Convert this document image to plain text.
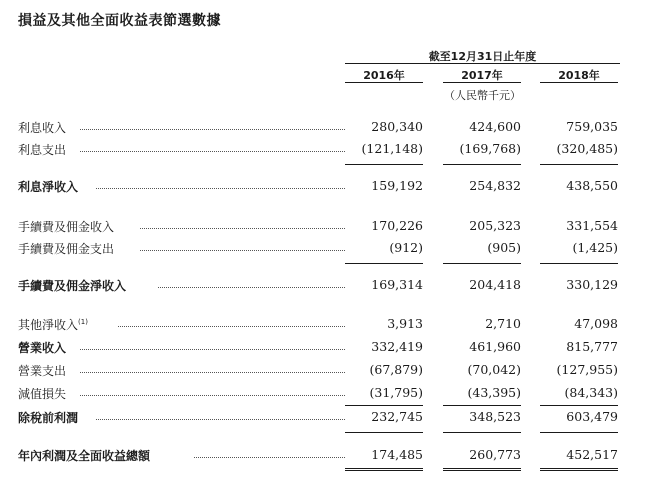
損益及其他全面收益表節選數據
截至12月31日止年度
2016年	2017年	2018年
（人民幣千元）
利息收入	280,340	424,600	759,035
利息支出	(121,148)	(169,768)	(320,485)
利息淨收入	159,192	254,832	438,550
手續費及佣金收入	170,226	205,323	331,554
手續費及佣金支出	(912)	(905)	(1,425)
手續費及佣金淨收入	169,314	204,418	330,129
其他淨收入$^{(1)}$	3,913	2,710	47,098
營業收入	332,419	461,960	815,777
營業支出	(67,879)	(70,042)	(127,955)
減值損失	(31,795)	(43,395)	(84,343)
除稅前利潤	232,745	348,523	603,479
年內利潤及全面收益總額	174,485	260,773	452,517
